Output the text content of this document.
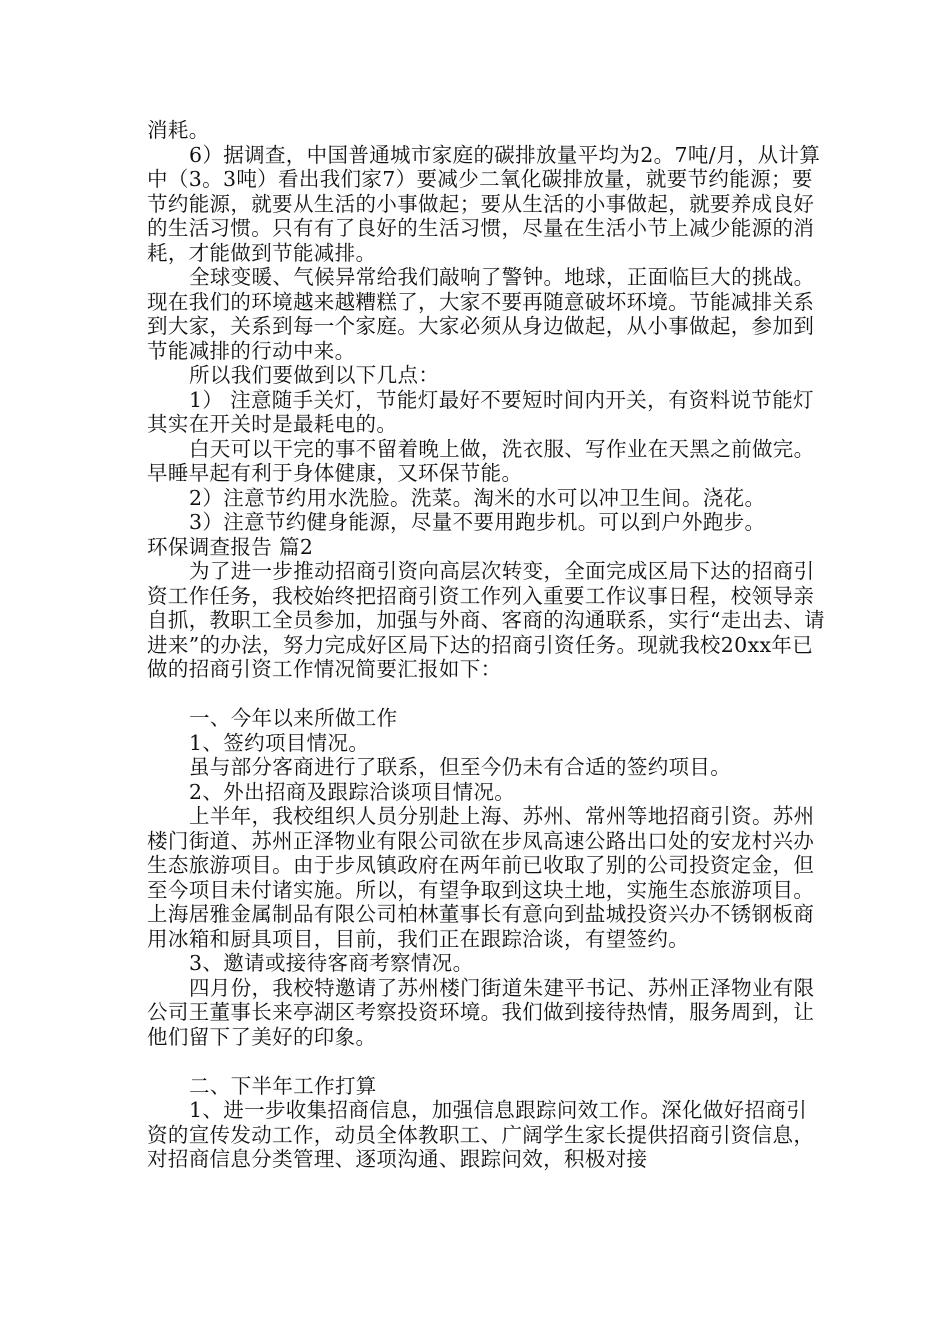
消耗。

6）据调查，中国普通城市家庭的碳排放量平均为2。7吨/月，从计算中（3。3吨）看出我们家7）要减少二氧化碳排放量，就要节约能源；要节约能源，就要从生活的小事做起；要从生活的小事做起，就要养成良好的生活习惯。只有有了良好的生活习惯，尽量在生活小节上减少能源的消耗，才能做到节能减排。

全球变暖、气候异常给我们敲响了警钟。地球，正面临巨大的挑战。现在我们的环境越来越糟糕了，大家不要再随意破坏环境。节能减排关系到大家，关系到每一个家庭。大家必须从身边做起，从小事做起，参加到节能减排的行动中来。

所以我们要做到以下几点：

1） 注意随手关灯，节能灯最好不要短时间内开关，有资料说节能灯其实在开关时是最耗电的。

白天可以干完的事不留着晚上做，洗衣服、写作业在天黑之前做完。早睡早起有利于身体健康，又环保节能。

2）注意节约用水洗脸。洗菜。淘米的水可以冲卫生间。浇花。

3）注意节约健身能源，尽量不要用跑步机。可以到户外跑步。

环保调查报告 篇2

为了进一步推动招商引资向高层次转变，全面完成区局下达的招商引资工作任务，我校始终把招商引资工作列入重要工作议事日程，校领导亲自抓，教职工全员参加，加强与外商、客商的沟通联系，实行“走出去、请进来”的办法，努力完成好区局下达的招商引资任务。现就我校20xx年已做的招商引资工作情况简要汇报如下：

一、今年以来所做工作

1、签约项目情况。

虽与部分客商进行了联系，但至今仍未有合适的签约项目。

2、外出招商及跟踪洽谈项目情况。

上半年，我校组织人员分别赴上海、苏州、常州等地招商引资。苏州楼门街道、苏州正泽物业有限公司欲在步凤高速公路出口处的安龙村兴办生态旅游项目。由于步凤镇政府在两年前已收取了别的公司投资定金，但至今项目未付诸实施。所以，有望争取到这块土地，实施生态旅游项目。上海居雅金属制品有限公司柏林董事长有意向到盐城投资兴办不锈钢板商用冰箱和厨具项目，目前，我们正在跟踪洽谈，有望签约。

3、邀请或接待客商考察情况。

四月份，我校特邀请了苏州楼门街道朱建平书记、苏州正泽物业有限公司王董事长来亭湖区考察投资环境。我们做到接待热情，服务周到，让他们留下了美好的印象。

二、下半年工作打算

1、进一步收集招商信息，加强信息跟踪问效工作。深化做好招商引资的宣传发动工作，动员全体教职工、广阔学生家长提供招商引资信息，对招商信息分类管理、逐项沟通、跟踪问效，积极对接
